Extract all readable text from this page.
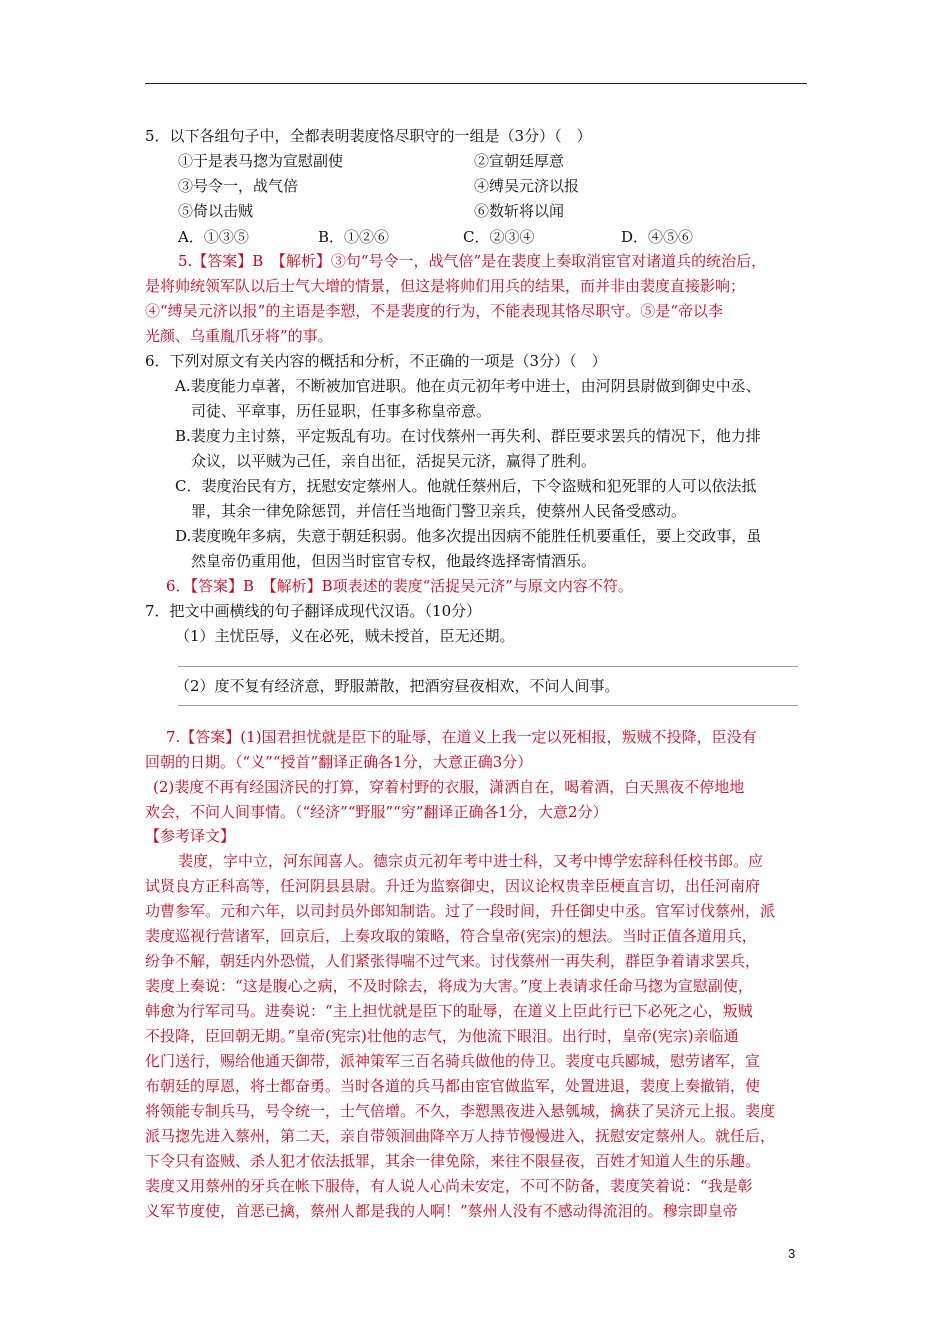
5．以下各组句子中，全都表明裴度恪尽职守的一组是（3分）（　）
①于是表马揔为宣慰副使	②宣朝廷厚意
③号令一，战气倍	④缚吴元济以报
⑤倚以击贼	⑥数斩将以闻
A．①③⑤	B．①②⑥	C．②③④	D．④⑤⑥
5.【答案】B　【解析】③句“号令一，战气倍”是在裴度上奏取消宦官对诸道兵的统治后，
是将帅统领军队以后士气大增的情景，但这是将帅们用兵的结果，而并非由裴度直接影响；
④“缚吴元济以报”的主语是李愬，不是裴度的行为，不能表现其恪尽职守。⑤是“帝以李
光颜、乌重胤爪牙将”的事。
6．下列对原文有关内容的概括和分析，不正确的一项是（3分）（　）
A.裴度能力卓著，不断被加官进职。他在贞元初年考中进士，由河阴县尉做到御史中丞、
司徒、平章事，历任显职，任事多称皇帝意。
B.裴度力主讨蔡，平定叛乱有功。在讨伐蔡州一再失利、群臣要求罢兵的情况下，他力排
众议，以平贼为己任，亲自出征，活捉吴元济，赢得了胜利。
C．裴度治民有方，抚慰安定蔡州人。他就任蔡州后，下令盗贼和犯死罪的人可以依法抵
罪，其余一律免除惩罚，并信任当地衙门警卫亲兵，使蔡州人民备受感动。
D.裴度晚年多病，失意于朝廷积弱。他多次提出因病不能胜任机要重任，要上交政事，虽
然皇帝仍重用他，但因当时宦官专权，他最终选择寄情酒乐。
6．【答案】B　【解析】B项表述的裴度“活捉吴元济”与原文内容不符。
7．把文中画横线的句子翻译成现代汉语。（10分）
（1）主忧臣辱，义在必死，贼未授首，臣无还期。
（2）度不复有经济意，野服萧散，把酒穷昼夜相欢，不问人间事。
7.【答案】(1)国君担忧就是臣下的耻辱，在道义上我一定以死相报，叛贼不投降，臣没有
回朝的日期。（“义”“授首”翻译正确各1分，大意正确3分）
(2)裴度不再有经国济民的打算，穿着村野的衣服，潇洒自在，喝着酒，白天黑夜不停地地
欢会，不问人间事情。（“经济”“野服”“穷”翻译正确各1分，大意2分）
【参考译文】
裴度，字中立，河东闻喜人。德宗贞元初年考中进士科，又考中博学宏辞科任校书郎。应
试贤良方正科高等，任河阴县县尉。升迁为监察御史，因议论权贵幸臣梗直言切，出任河南府
功曹参军。元和六年，以司封员外郎知制诰。过了一段时间，升任御史中丞。官军讨伐蔡州，派
裴度巡视行营诸军，回京后，上奏攻取的策略，符合皇帝(宪宗)的想法。当时正值各道用兵，
纷争不解，朝廷内外恐慌，人们紧张得喘不过气来。讨伐蔡州一再失利，群臣争着请求罢兵，
裴度上奏说：“这是腹心之病，不及时除去，将成为大害。”度上表请求任命马揔为宣慰副使，
韩愈为行军司马。进奏说：“主上担忧就是臣下的耻辱，在道义上臣此行已下必死之心，叛贼
不投降，臣回朝无期。”皇帝(宪宗)壮他的志气，为他流下眼泪。出行时，皇帝(宪宗)亲临通
化门送行，赐给他通天御带，派神策军三百名骑兵做他的侍卫。裴度屯兵郾城，慰劳诸军，宣
布朝廷的厚恩，将士都奋勇。当时各道的兵马都由宦官做监军，处置进退，裴度上奏撤销，使
将领能专制兵马，号令统一，士气倍增。不久，李愬黑夜进入悬瓠城，擒获了吴济元上报。裴度
派马揔先进入蔡州，第二天，亲自带领洄曲降卒万人持节慢慢进入，抚慰安定蔡州人。就任后，
下令只有盗贼、杀人犯才依法抵罪，其余一律免除，来往不限昼夜，百姓才知道人生的乐趣。
裴度又用蔡州的牙兵在帐下服侍，有人说人心尚未安定，不可不防备，裴度笑着说：“我是彰
义军节度使，首恶已擒，蔡州人都是我的人啊！”蔡州人没有不感动得流泪的。穆宗即皇帝
3
